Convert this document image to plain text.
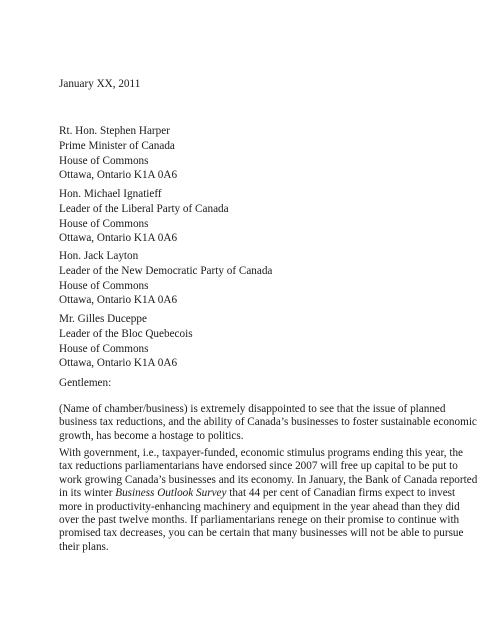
January XX, 2011
Rt. Hon. Stephen Harper
Prime Minister of Canada
House of Commons
Ottawa, Ontario K1A 0A6
Hon. Michael Ignatieff
Leader of the Liberal Party of Canada
House of Commons
Ottawa, Ontario K1A 0A6
Hon. Jack Layton
Leader of the New Democratic Party of Canada
House of Commons
Ottawa, Ontario K1A 0A6
Mr. Gilles Duceppe
Leader of the Bloc Quebecois
House of Commons
Ottawa, Ontario K1A 0A6
Gentlemen:

(Name of chamber/business) is extremely disappointed to see that the issue of planned business tax reductions, and the ability of Canada’s businesses to foster sustainable economic growth, has become a hostage to politics.

With government, i.e., taxpayer-funded, economic stimulus programs ending this year, the tax reductions parliamentarians have endorsed since 2007 will free up capital to be put to work growing Canada’s businesses and its economy. In January, the Bank of Canada reported in its winter Business Outlook Survey that 44 per cent of Canadian firms expect to invest more in productivity-enhancing machinery and equipment in the year ahead than they did over the past twelve months. If parliamentarians renege on their promise to continue with promised tax decreases, you can be certain that many businesses will not be able to pursue their plans.
